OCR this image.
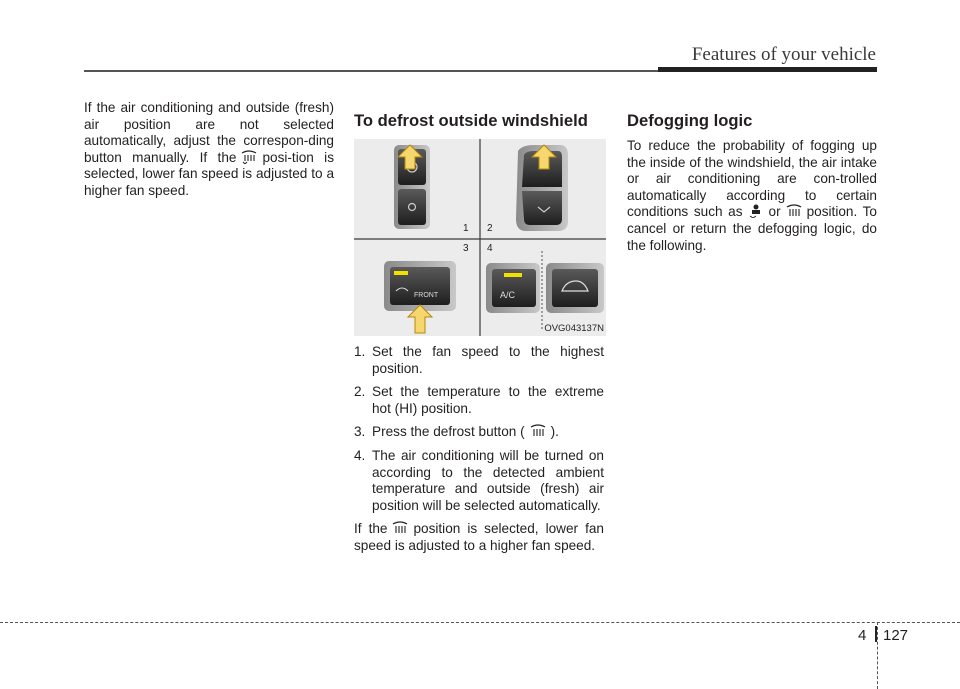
Features of your vehicle

If the air conditioning and outside (fresh) air position are not selected automatically, adjust the correspon-ding button manually. If the posi-tion is selected, lower fan speed is adjusted to a higher fan speed.

To defrost outside windshield
FRONT	A/C
1 2
3 4
OVG043137N
1. Set the fan speed to the highest position.
2. Set the temperature to the extreme hot (HI) position.
3. Press the defrost button ( ).
4. The air conditioning will be turned on according to the detected ambient temperature and outside (fresh) air position will be selected automatically.

If the position is selected, lower fan speed is adjusted to a higher fan speed.

Defogging logic

To reduce the probability of fogging up the inside of the windshield, the air intake or air conditioning are con-trolled automatically according to certain conditions such as or position. To cancel or return the defogging logic, do the following.

4 127
